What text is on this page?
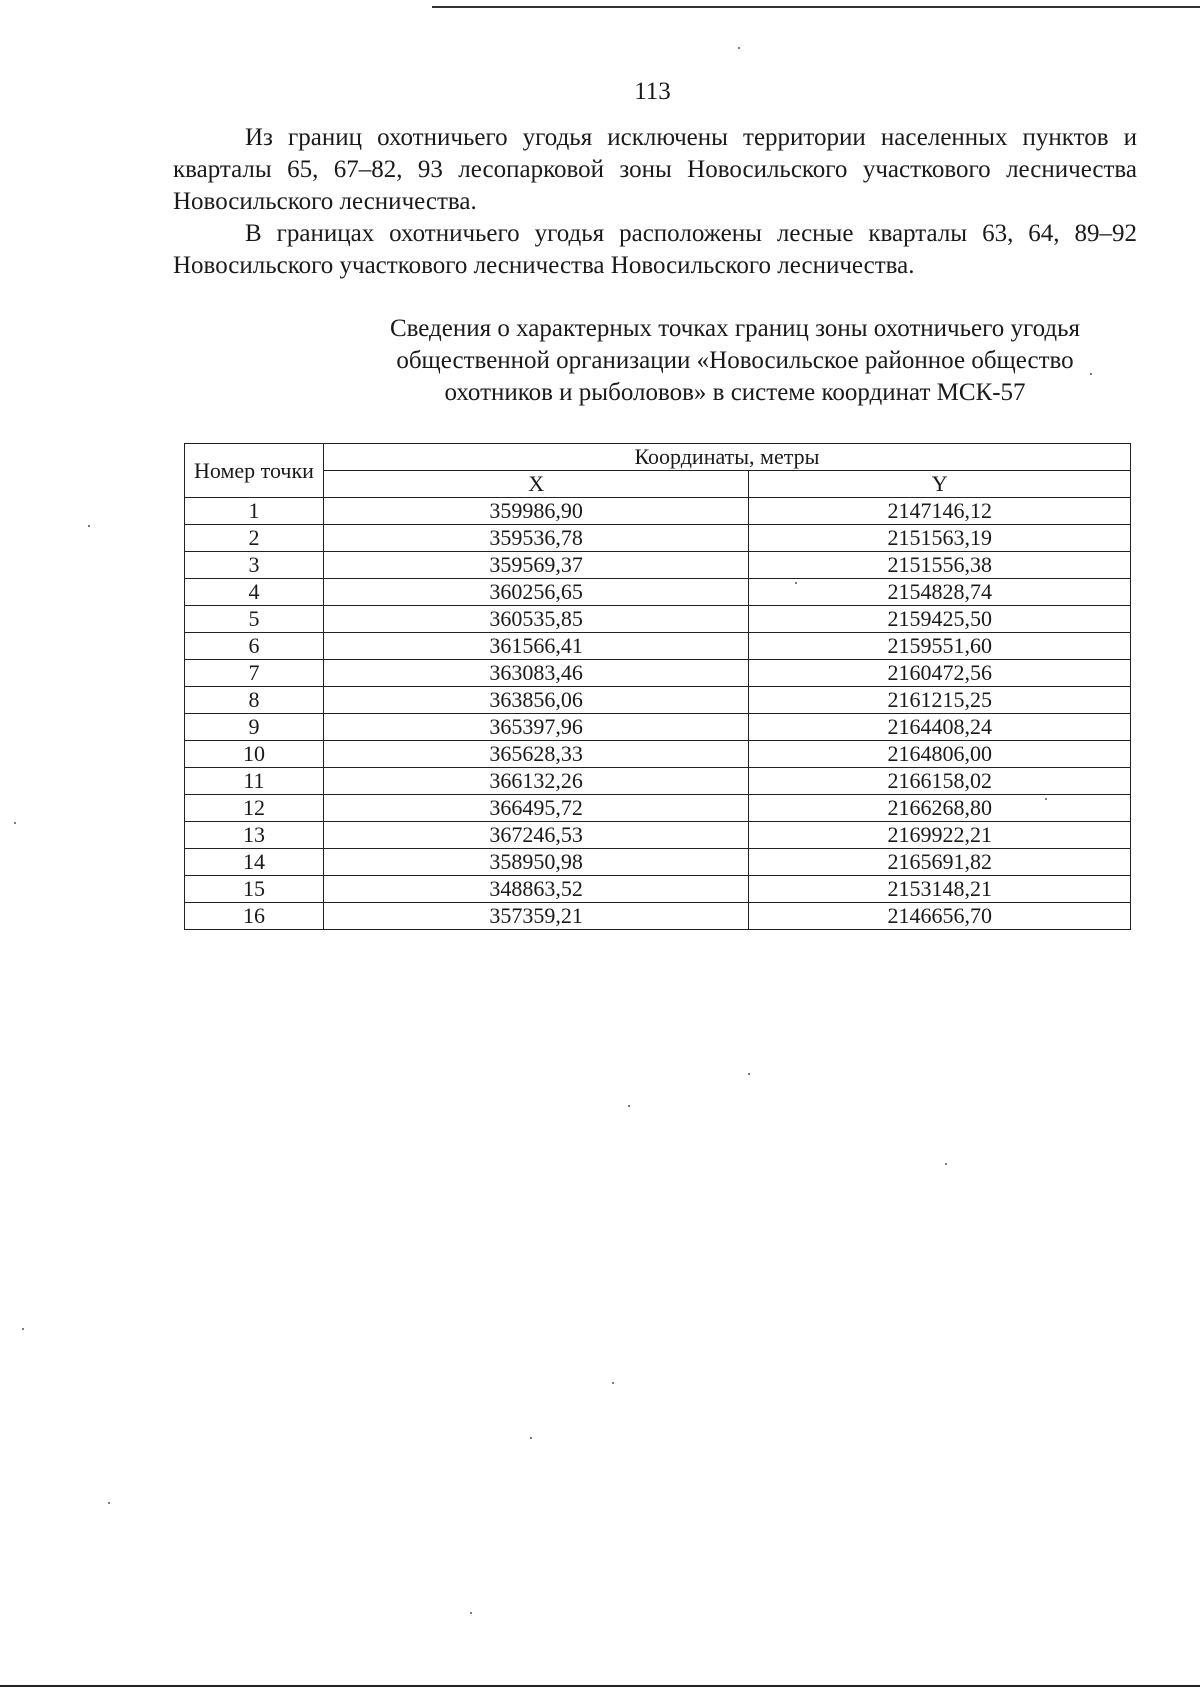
113

Из границ охотничьего угодья исключены территории населенных пунктов и кварталы 65, 67–82, 93 лесопарковой зоны Новосильского участкового лесничества Новосильского лесничества.

В границах охотничьего угодья расположены лесные кварталы 63, 64, 89–92 Новосильского участкового лесничества Новосильского лесничества.

Сведения о характерных точках границ зоны охотничьего угодья
общественной организации «Новосильское районное общество
охотников и рыболовов» в системе координат МСК-57
Номер точки	Координаты, метры	
	X	Y
1	359986,90	2147146,12
2	359536,78	2151563,19
3	359569,37	2151556,38
4	360256,65	2154828,74
5	360535,85	2159425,50
6	361566,41	2159551,60
7	363083,46	2160472,56
8	363856,06	2161215,25
9	365397,96	2164408,24
10	365628,33	2164806,00
11	366132,26	2166158,02
12	366495,72	2166268,80
13	367246,53	2169922,21
14	358950,98	2165691,82
15	348863,52	2153148,21
16	357359,21	2146656,70
